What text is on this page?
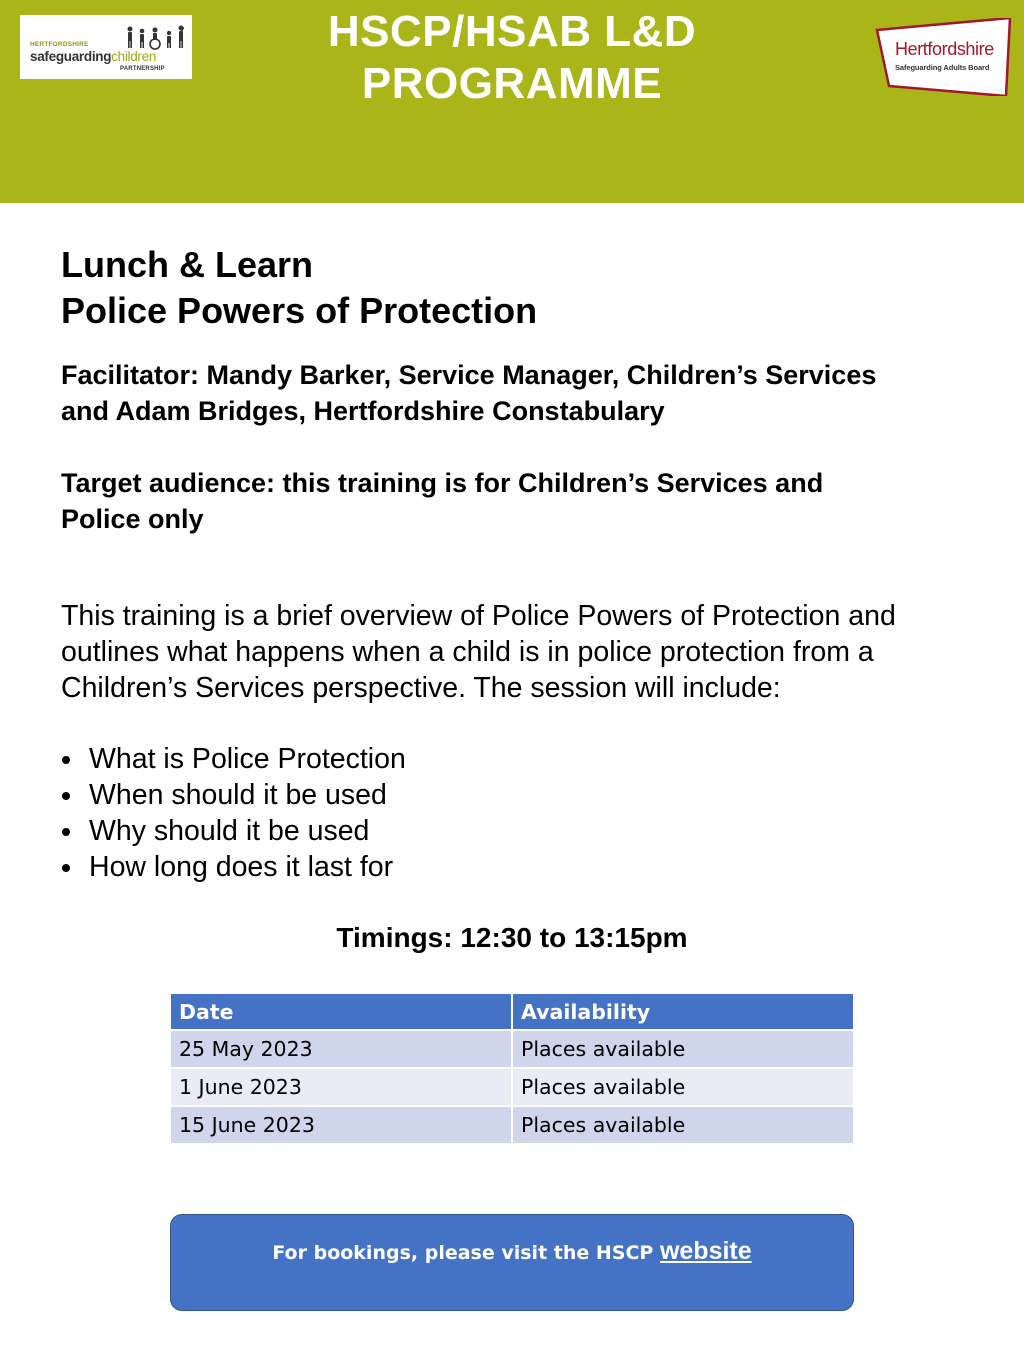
HERTFORDSHIRE
safeguardingchildren
PARTNERSHIP
HSCP/HSAB L&D
PROGRAMME
Hertfordshire
Safeguarding Adults Board
Lunch & Learn
Police Powers of Protection
Facilitator: Mandy Barker, Service Manager, Children’s Services
and Adam Bridges, Hertfordshire Constabulary
Target audience: this training is for Children’s Services and
Police only
This training is a brief overview of Police Powers of Protection and
outlines what happens when a child is in police protection from a
Children’s Services perspective. The session will include:
What is Police Protection
When should it be used
Why should it be used
How long does it last for
Timings: 12:30 to 13:15pm
Date	Availability
25 May 2023	Places available
1 June 2023	Places available
15 June 2023	Places available
For bookings, please visit the HSCP website
